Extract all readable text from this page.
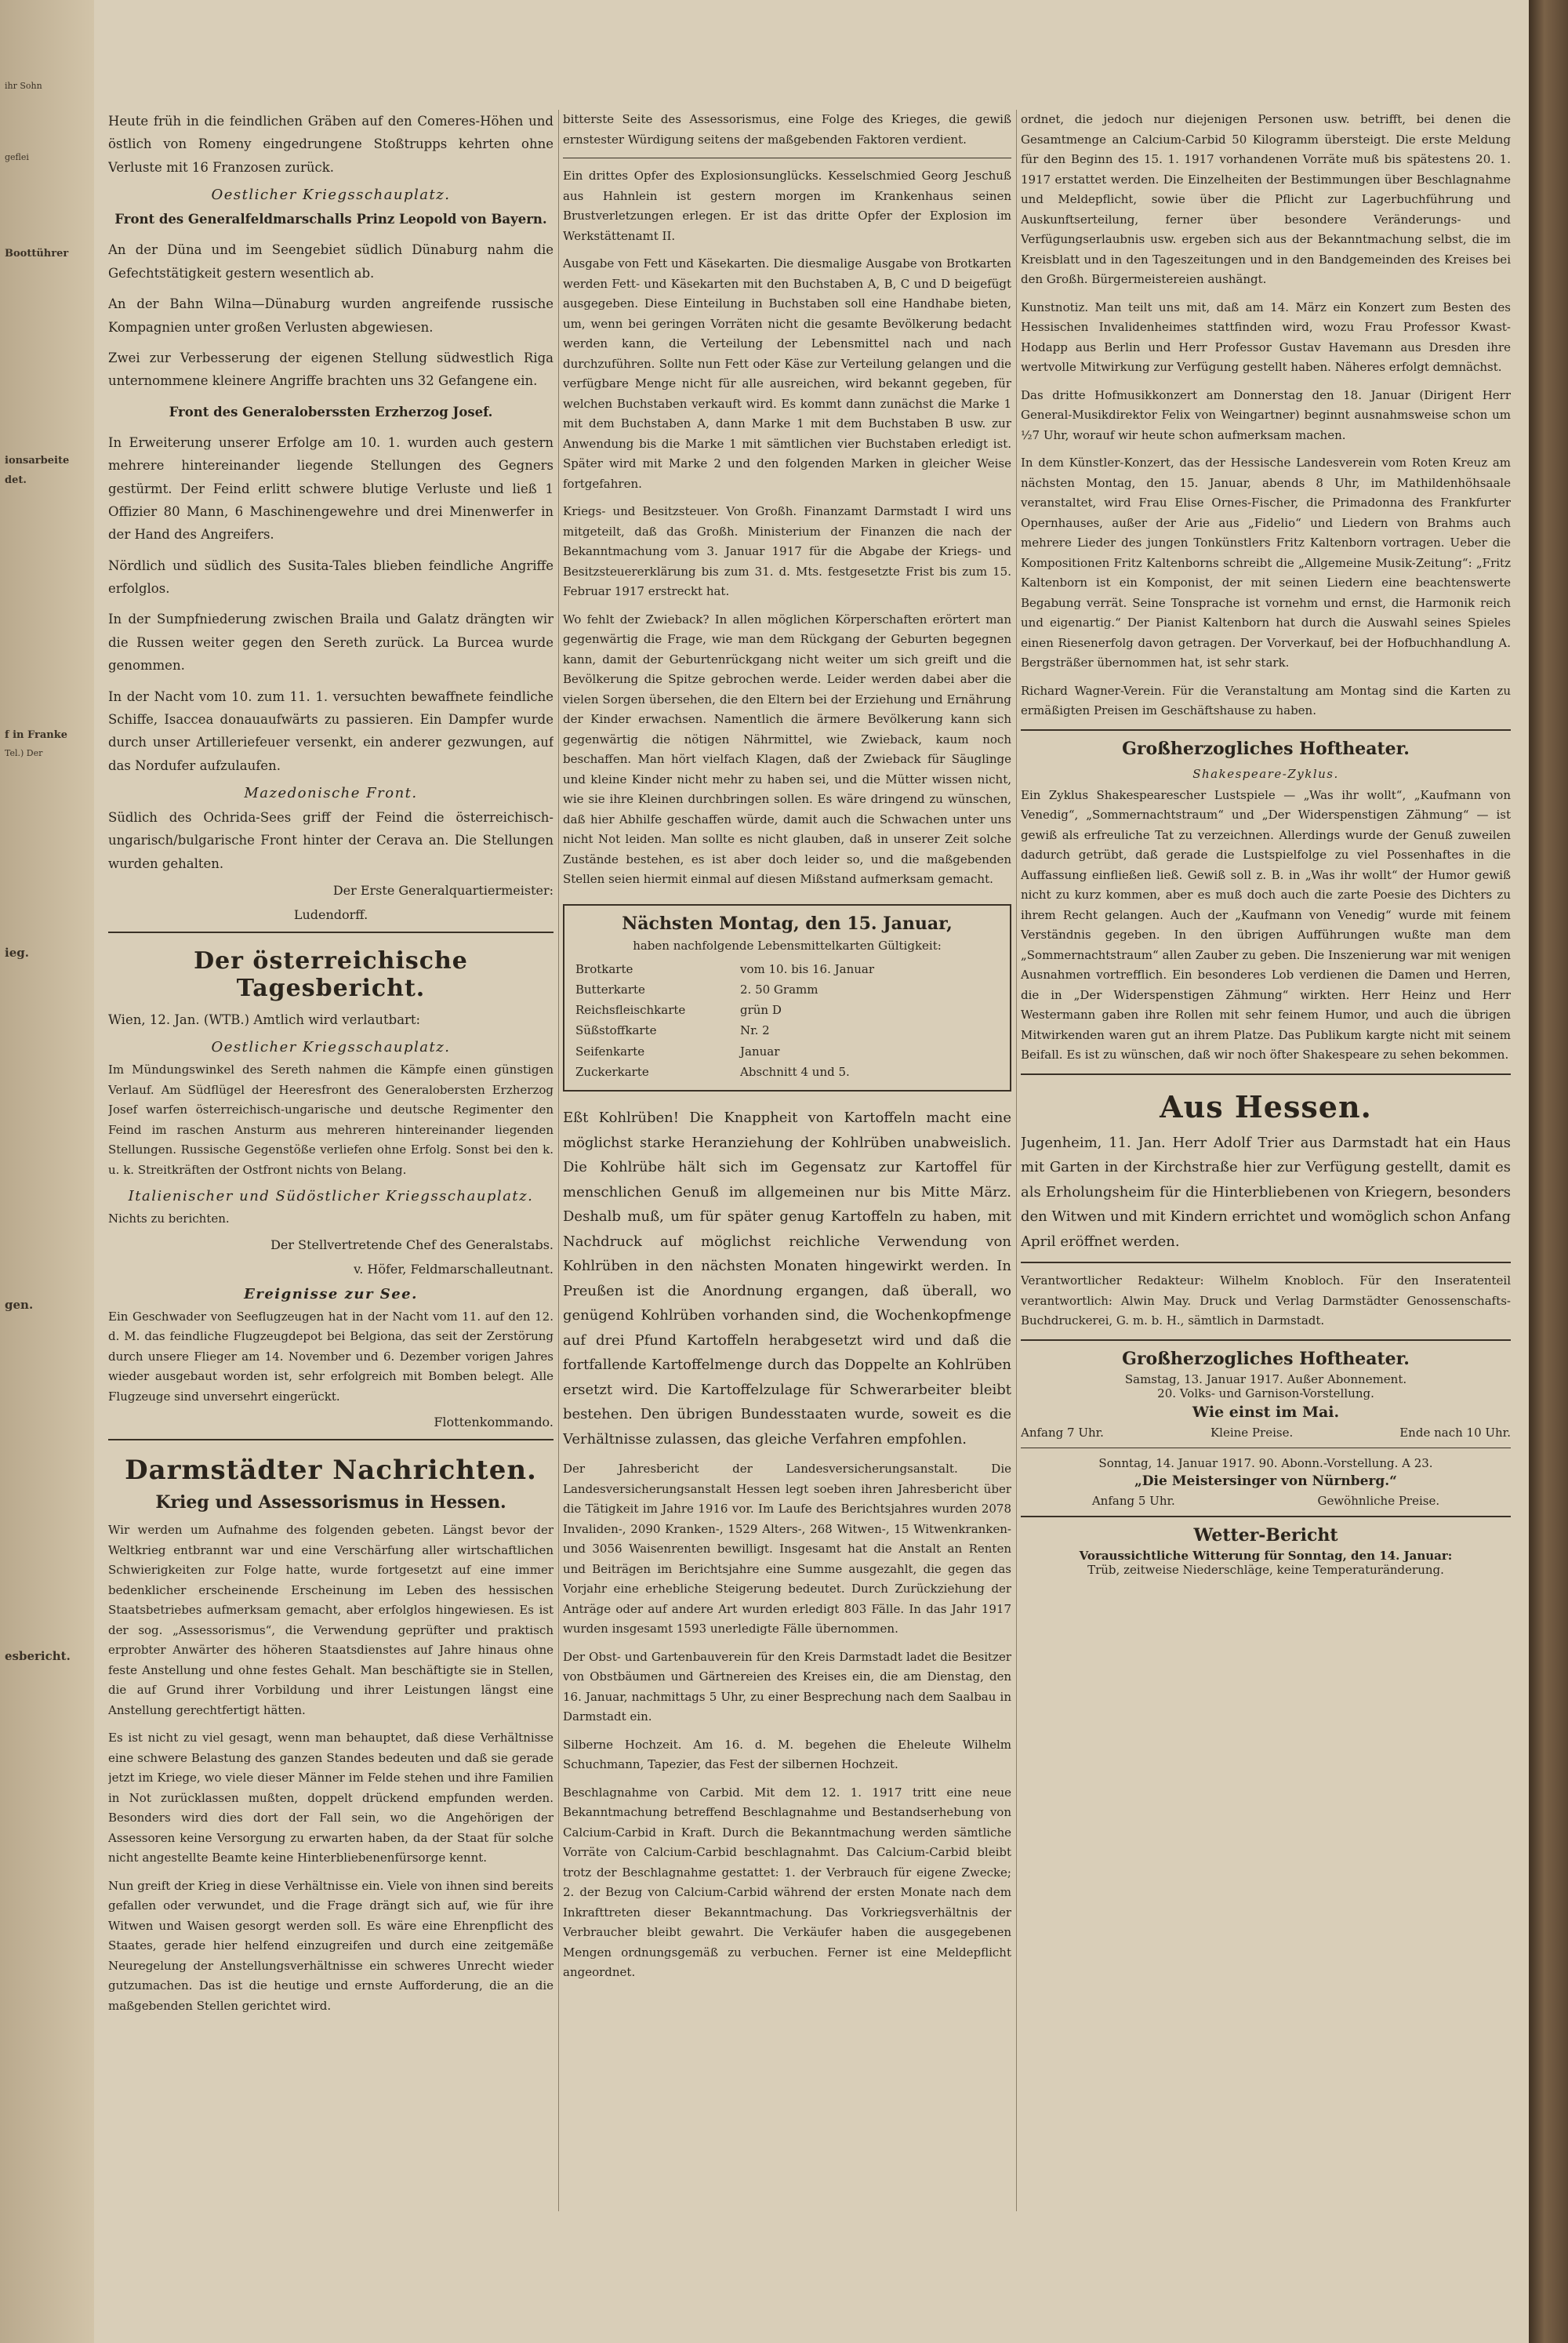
ihr Sohn
geflei
Boottührer
ionsarbeite
det.
f in Franke
Tel.) Der
ieg.
gen.
esbericht.

Heute früh in die feindlichen Gräben auf den Comeres-Höhen und östlich von Romeny eingedrungene Stoßtrupps kehrten ohne Verluste mit 16 Franzosen zurück.

Oestlicher Kriegsschauplatz.

Front des Generalfeldmarschalls Prinz Leopold von Bayern.

An der Düna und im Seengebiet südlich Dünaburg nahm die Gefechtstätigkeit gestern wesentlich ab.

An der Bahn Wilna—Dünaburg wurden angreifende russische Kompagnien unter großen Verlusten abgewiesen.

Zwei zur Verbesserung der eigenen Stellung südwestlich Riga unternommene kleinere Angriffe brachten uns 32 Gefangene ein.

Front des Generaloberssten Erzherzog Josef.

In Erweiterung unserer Erfolge am 10. 1. wurden auch gestern mehrere hintereinander liegende Stellungen des Gegners gestürmt. Der Feind erlitt schwere blutige Verluste und ließ 1 Offizier 80 Mann, 6 Maschinengewehre und drei Minenwerfer in der Hand des Angreifers.

Nördlich und südlich des Susita-Tales blieben feindliche Angriffe erfolglos.

In der Sumpfniederung zwischen Braila und Galatz drängten wir die Russen weiter gegen den Sereth zurück. La Burcea wurde genommen.

In der Nacht vom 10. zum 11. 1. versuchten bewaffnete feindliche Schiffe, Isaccea donauaufwärts zu passieren. Ein Dampfer wurde durch unser Artilleriefeuer versenkt, ein anderer gezwungen, auf das Nordufer aufzulaufen.

Mazedonische Front.

Südlich des Ochrida-Sees griff der Feind die österreichisch-ungarisch/bulgarische Front hinter der Cerava an. Die Stellungen wurden gehalten.

Der Erste Generalquartiermeister:
Ludendorff.
Der österreichische Tagesbericht.

Wien, 12. Jan. (WTB.) Amtlich wird verlautbart:

Oestlicher Kriegsschauplatz.

Im Mündungswinkel des Sereth nahmen die Kämpfe einen günstigen Verlauf. Am Südflügel der Heeresfront des Generalobersten Erzherzog Josef warfen österreichisch-ungarische und deutsche Regimenter den Feind im raschen Ansturm aus mehreren hintereinander liegenden Stellungen. Russische Gegenstöße verliefen ohne Erfolg. Sonst bei den k. u. k. Streitkräften der Ostfront nichts von Belang.

Italienischer und Südöstlicher Kriegsschauplatz.

Nichts zu berichten.

Der Stellvertretende Chef des Generalstabs.
v. Höfer, Feldmarschalleutnant.
Ereignisse zur See.

Ein Geschwader von Seeflugzeugen hat in der Nacht vom 11. auf den 12. d. M. das feindliche Flugzeugdepot bei Belgiona, das seit der Zerstörung durch unsere Flieger am 14. November und 6. Dezember vorigen Jahres wieder ausgebaut worden ist, sehr erfolgreich mit Bomben belegt. Alle Flugzeuge sind unversehrt eingerückt.

Flottenkommando.
Darmstädter Nachrichten.
Krieg und Assessorismus in Hessen.

Wir werden um Aufnahme des folgenden gebeten. Längst bevor der Weltkrieg entbrannt war und eine Verschärfung aller wirtschaftlichen Schwierigkeiten zur Folge hatte, wurde fortgesetzt auf eine immer bedenklicher erscheinende Erscheinung im Leben des hessischen Staatsbetriebes aufmerksam gemacht, aber erfolglos hingewiesen. Es ist der sog. „Assessorismus“, die Verwendung geprüfter und praktisch erprobter Anwärter des höheren Staatsdienstes auf Jahre hinaus ohne feste Anstellung und ohne festes Gehalt. Man beschäftigte sie in Stellen, die auf Grund ihrer Vorbildung und ihrer Leistungen längst eine Anstellung gerechtfertigt hätten.

Es ist nicht zu viel gesagt, wenn man behauptet, daß diese Verhältnisse eine schwere Belastung des ganzen Standes bedeuten und daß sie gerade jetzt im Kriege, wo viele dieser Männer im Felde stehen und ihre Familien in Not zurücklassen mußten, doppelt drückend empfunden werden. Besonders wird dies dort der Fall sein, wo die Angehörigen der Assessoren keine Versorgung zu erwarten haben, da der Staat für solche nicht angestellte Beamte keine Hinterbliebenenfürsorge kennt.

Nun greift der Krieg in diese Verhältnisse ein. Viele von ihnen sind bereits gefallen oder verwundet, und die Frage drängt sich auf, wie für ihre Witwen und Waisen gesorgt werden soll. Es wäre eine Ehrenpflicht des Staates, gerade hier helfend einzugreifen und durch eine zeitgemäße Neuregelung der Anstellungsverhältnisse ein schweres Unrecht wieder gutzumachen. Das ist die heutige und ernste Aufforderung, die an die maßgebenden Stellen gerichtet wird.

bitterste Seite des Assessorismus, eine Folge des Krieges, die gewiß ernstester Würdigung seitens der maßgebenden Faktoren verdient.

Ein drittes Opfer des Explosionsunglücks. Kesselschmied Georg Jeschuß aus Hahnlein ist gestern morgen im Krankenhaus seinen Brustverletzungen erlegen. Er ist das dritte Opfer der Explosion im Werkstättenamt II.

Ausgabe von Fett und Käsekarten. Die diesmalige Ausgabe von Brotkarten werden Fett- und Käsekarten mit den Buchstaben A, B, C und D beigefügt ausgegeben. Diese Einteilung in Buchstaben soll eine Handhabe bieten, um, wenn bei geringen Vorräten nicht die gesamte Bevölkerung bedacht werden kann, die Verteilung der Lebensmittel nach und nach durchzuführen. Sollte nun Fett oder Käse zur Verteilung gelangen und die verfügbare Menge nicht für alle ausreichen, wird bekannt gegeben, für welchen Buchstaben verkauft wird. Es kommt dann zunächst die Marke 1 mit dem Buchstaben A, dann Marke 1 mit dem Buchstaben B usw. zur Anwendung bis die Marke 1 mit sämtlichen vier Buchstaben erledigt ist. Später wird mit Marke 2 und den folgenden Marken in gleicher Weise fortgefahren.

Kriegs- und Besitzsteuer. Von Großh. Finanzamt Darmstadt I wird uns mitgeteilt, daß das Großh. Ministerium der Finanzen die nach der Bekanntmachung vom 3. Januar 1917 für die Abgabe der Kriegs- und Besitzsteuererklärung bis zum 31. d. Mts. festgesetzte Frist bis zum 15. Februar 1917 erstreckt hat.

Wo fehlt der Zwieback? In allen möglichen Körperschaften erörtert man gegenwärtig die Frage, wie man dem Rückgang der Geburten begegnen kann, damit der Geburtenrückgang nicht weiter um sich greift und die Bevölkerung die Spitze gebrochen werde. Leider werden dabei aber die vielen Sorgen übersehen, die den Eltern bei der Erziehung und Ernährung der Kinder erwachsen. Namentlich die ärmere Bevölkerung kann sich gegenwärtig die nötigen Nährmittel, wie Zwieback, kaum noch beschaffen. Man hört vielfach Klagen, daß der Zwieback für Säuglinge und kleine Kinder nicht mehr zu haben sei, und die Mütter wissen nicht, wie sie ihre Kleinen durchbringen sollen. Es wäre dringend zu wünschen, daß hier Abhilfe geschaffen würde, damit auch die Schwachen unter uns nicht Not leiden. Man sollte es nicht glauben, daß in unserer Zeit solche Zustände bestehen, es ist aber doch leider so, und die maßgebenden Stellen seien hiermit einmal auf diesen Mißstand aufmerksam gemacht.

Nächsten Montag, den 15. Januar,
haben nachfolgende Lebensmittelkarten Gültigkeit:
Brotkarte	vom 10. bis 16. Januar
Butterkarte	2. 50 Gramm
Reichsfleischkarte	grün D
Süßstoffkarte	Nr. 2
Seifenkarte	Januar
Zuckerkarte	Abschnitt 4 und 5.

Eßt Kohlrüben! Die Knappheit von Kartoffeln macht eine möglichst starke Heranziehung der Kohlrüben unabweislich. Die Kohlrübe hält sich im Gegensatz zur Kartoffel für menschlichen Genuß im allgemeinen nur bis Mitte März. Deshalb muß, um für später genug Kartoffeln zu haben, mit Nachdruck auf möglichst reichliche Verwendung von Kohlrüben in den nächsten Monaten hingewirkt werden. In Preußen ist die Anordnung ergangen, daß überall, wo genügend Kohlrüben vorhanden sind, die Wochenkopfmenge auf drei Pfund Kartoffeln herabgesetzt wird und daß die fortfallende Kartoffelmenge durch das Doppelte an Kohlrüben ersetzt wird. Die Kartoffelzulage für Schwerarbeiter bleibt bestehen. Den übrigen Bundesstaaten wurde, soweit es die Verhältnisse zulassen, das gleiche Verfahren empfohlen.

Der Jahresbericht der Landesversicherungsanstalt. Die Landesversicherungsanstalt Hessen legt soeben ihren Jahresbericht über die Tätigkeit im Jahre 1916 vor. Im Laufe des Berichtsjahres wurden 2078 Invaliden-, 2090 Kranken-, 1529 Alters-, 268 Witwen-, 15 Witwenkranken- und 3056 Waisenrenten bewilligt. Insgesamt hat die Anstalt an Renten und Beiträgen im Berichtsjahre eine Summe ausgezahlt, die gegen das Vorjahr eine erhebliche Steigerung bedeutet. Durch Zurückziehung der Anträge oder auf andere Art wurden erledigt 803 Fälle. In das Jahr 1917 wurden insgesamt 1593 unerledigte Fälle übernommen.

Der Obst- und Gartenbauverein für den Kreis Darmstadt ladet die Besitzer von Obstbäumen und Gärtnereien des Kreises ein, die am Dienstag, den 16. Januar, nachmittags 5 Uhr, zu einer Besprechung nach dem Saalbau in Darmstadt ein.

Silberne Hochzeit. Am 16. d. M. begehen die Eheleute Wilhelm Schuchmann, Tapezier, das Fest der silbernen Hochzeit.

Beschlagnahme von Carbid. Mit dem 12. 1. 1917 tritt eine neue Bekanntmachung betreffend Beschlagnahme und Bestandserhebung von Calcium-Carbid in Kraft. Durch die Bekanntmachung werden sämtliche Vorräte von Calcium-Carbid beschlagnahmt. Das Calcium-Carbid bleibt trotz der Beschlagnahme gestattet: 1. der Verbrauch für eigene Zwecke; 2. der Bezug von Calcium-Carbid während der ersten Monate nach dem Inkrafttreten dieser Bekanntmachung. Das Vorkriegsverhältnis der Verbraucher bleibt gewahrt. Die Verkäufer haben die ausgegebenen Mengen ordnungsgemäß zu verbuchen. Ferner ist eine Meldepflicht angeordnet.

ordnet, die jedoch nur diejenigen Personen usw. betrifft, bei denen die Gesamtmenge an Calcium-Carbid 50 Kilogramm übersteigt. Die erste Meldung für den Beginn des 15. 1. 1917 vorhandenen Vorräte muß bis spätestens 20. 1. 1917 erstattet werden. Die Einzelheiten der Bestimmungen über Beschlagnahme und Meldepflicht, sowie über die Pflicht zur Lagerbuchführung und Auskunftserteilung, ferner über besondere Veränderungs- und Verfügungserlaubnis usw. ergeben sich aus der Bekanntmachung selbst, die im Kreisblatt und in den Tageszeitungen und in den Bandgemeinden des Kreises bei den Großh. Bürgermeistereien aushängt.

Kunstnotiz. Man teilt uns mit, daß am 14. März ein Konzert zum Besten des Hessischen Invalidenheimes stattfinden wird, wozu Frau Professor Kwast-Hodapp aus Berlin und Herr Professor Gustav Havemann aus Dresden ihre wertvolle Mitwirkung zur Verfügung gestellt haben. Näheres erfolgt demnächst.

Das dritte Hofmusikkonzert am Donnerstag den 18. Januar (Dirigent Herr General-Musikdirektor Felix von Weingartner) beginnt ausnahmsweise schon um ½7 Uhr, worauf wir heute schon aufmerksam machen.

In dem Künstler-Konzert, das der Hessische Landesverein vom Roten Kreuz am nächsten Montag, den 15. Januar, abends 8 Uhr, im Mathildenhöhsaale veranstaltet, wird Frau Elise Ornes-Fischer, die Primadonna des Frankfurter Opernhauses, außer der Arie aus „Fidelio“ und Liedern von Brahms auch mehrere Lieder des jungen Tonkünstlers Fritz Kaltenborn vortragen. Ueber die Kompositionen Fritz Kaltenborns schreibt die „Allgemeine Musik-Zeitung“: „Fritz Kaltenborn ist ein Komponist, der mit seinen Liedern eine beachtenswerte Begabung verrät. Seine Tonsprache ist vornehm und ernst, die Harmonik reich und eigenartig.“ Der Pianist Kaltenborn hat durch die Auswahl seines Spieles einen Riesenerfolg davon getragen. Der Vorverkauf, bei der Hofbuchhandlung A. Bergsträßer übernommen hat, ist sehr stark.

Richard Wagner-Verein. Für die Veranstaltung am Montag sind die Karten zu ermäßigten Preisen im Geschäftshause zu haben.

Großherzogliches Hoftheater.
Shakespeare-Zyklus.

Ein Zyklus Shakespearescher Lustspiele — „Was ihr wollt“, „Kaufmann von Venedig“, „Sommernachtstraum“ und „Der Widerspenstigen Zähmung“ — ist gewiß als erfreuliche Tat zu verzeichnen. Allerdings wurde der Genuß zuweilen dadurch getrübt, daß gerade die Lustspielfolge zu viel Possenhaftes in die Auffassung einfließen ließ. Gewiß soll z. B. in „Was ihr wollt“ der Humor gewiß nicht zu kurz kommen, aber es muß doch auch die zarte Poesie des Dichters zu ihrem Recht gelangen. Auch der „Kaufmann von Venedig“ wurde mit feinem Verständnis gegeben. In den übrigen Aufführungen wußte man dem „Sommernachtstraum“ allen Zauber zu geben. Die Inszenierung war mit wenigen Ausnahmen vortrefflich. Ein besonderes Lob verdienen die Damen und Herren, die in „Der Widerspenstigen Zähmung“ wirkten. Herr Heinz und Herr Westermann gaben ihre Rollen mit sehr feinem Humor, und auch die übrigen Mitwirkenden waren gut an ihrem Platze. Das Publikum kargte nicht mit seinem Beifall. Es ist zu wünschen, daß wir noch öfter Shakespeare zu sehen bekommen.

Aus Hessen.

Jugenheim, 11. Jan. Herr Adolf Trier aus Darmstadt hat ein Haus mit Garten in der Kirchstraße hier zur Verfügung gestellt, damit es als Erholungsheim für die Hinterbliebenen von Kriegern, besonders den Witwen und mit Kindern errichtet und womöglich schon Anfang April eröffnet werden.

Verantwortlicher Redakteur: Wilhelm Knobloch. Für den Inseratenteil verantwortlich: Alwin May. Druck und Verlag Darmstädter Genossenschafts-Buchdruckerei, G. m. b. H., sämtlich in Darmstadt.

Großherzogliches Hoftheater.
Samstag, 13. Januar 1917. Außer Abonnement.
20. Volks- und Garnison-Vorstellung.
Wie einst im Mai.
Anfang 7 Uhr.	Kleine Preise.	Ende nach 10 Uhr.
Sonntag, 14. Januar 1917. 90. Abonn.-Vorstellung. A 23.
„Die Meistersinger von Nürnberg.“
Anfang 5 Uhr.	Gewöhnliche Preise.
Wetter-Bericht
Voraussichtliche Witterung für Sonntag, den 14. Januar:
Trüb, zeitweise Niederschläge, keine Temperaturänderung.
